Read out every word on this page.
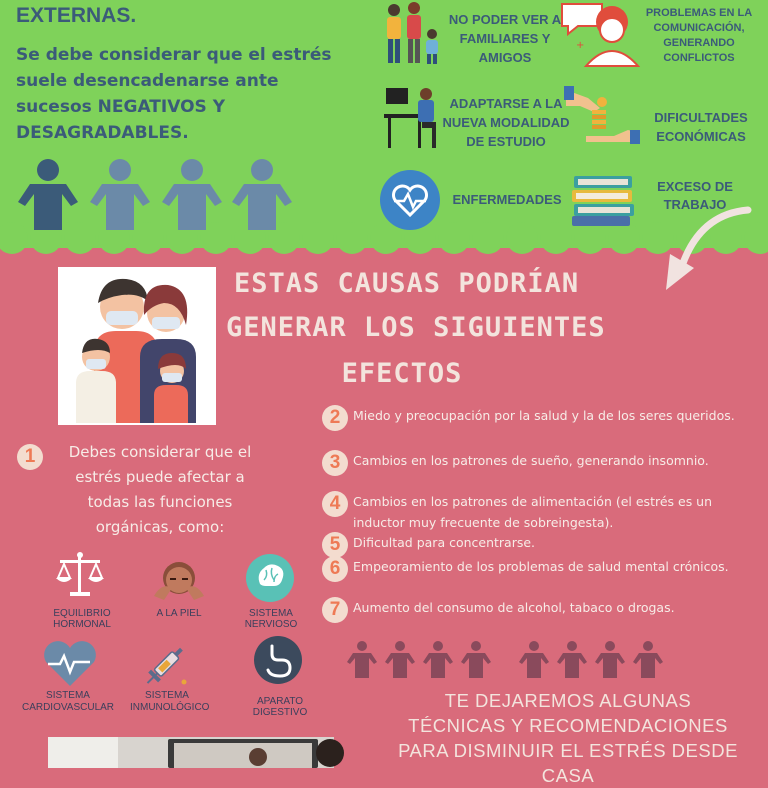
EXTERNAS.
Se debe considerar que el estrés suele desencadenarse ante sucesos NEGATIVOS Y DESAGRADABLES.
NO PODER VER A FAMILIARES Y AMIGOS
+
PROBLEMAS EN LA COMUNICACIÓN, GENERANDO CONFLICTOS
ADAPTARSE A LA NUEVA MODALIDAD DE ESTUDIO
DIFICULTADES ECONÓMICAS
ENFERMEDADES
EXCESO DE TRABAJO
ESTAS CAUSAS PODRÍAN
GENERAR LOS SIGUIENTES
EFECTOS
1	Debes considerar que el estrés puede afectar a todas las funciones orgánicas, como:
2	Miedo y preocupación por la salud y la de los seres queridos.
3	Cambios en los patrones de sueño, generando insomnio.
4	Cambios en los patrones de alimentación (el estrés es un inductor muy frecuente de sobreingesta).
5	Dificultad para concentrarse.
6	Empeoramiento de los problemas de salud mental crónicos.
7	Aumento del consumo de alcohol, tabaco o drogas.
EQUILIBRIO HORMONAL
A LA PIEL	SISTEMA NERVIOSO
SISTEMA CARDIOVASCULAR
SISTEMA INMUNOLÓGICO
APARATO DIGESTIVO
TE DEJAREMOS ALGUNAS TÉCNICAS Y RECOMENDACIONES PARA DISMINUIR EL ESTRÉS DESDE CASA
